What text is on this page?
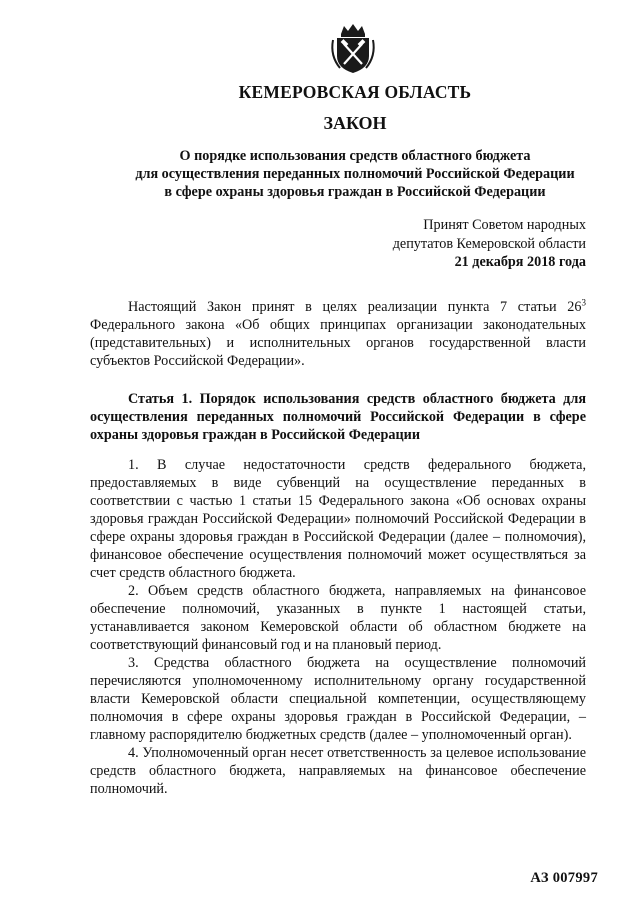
КЕМЕРОВСКАЯ ОБЛАСТЬ
ЗАКОН
О порядке использования средств областного бюджета
для осуществления переданных полномочий Российской Федерации
в сфере охраны здоровья граждан в Российской Федерации
Принят Советом народных
депутатов Кемеровской области
21 декабря 2018 года

Настоящий Закон принят в целях реализации пункта 7 статьи $26^3$ Федерального закона «Об общих принципах организации законодательных (представительных) и исполнительных органов государственной власти субъектов Российской Федерации».

Статья 1. Порядок использования средств областного бюджета для осуществления переданных полномочий Российской Федерации в сфере охраны здоровья граждан в Российской Федерации

1. В случае недостаточности средств федерального бюджета, предоставляемых в виде субвенций на осуществление переданных в соответствии с частью 1 статьи 15 Федерального закона «Об основах охраны здоровья граждан Российской Федерации» полномочий Российской Федерации в сфере охраны здоровья граждан в Российской Федерации (далее – полномочия), финансовое обеспечение осуществления полномочий может осуществляться за счет средств областного бюджета.

2. Объем средств областного бюджета, направляемых на финансовое обеспечение полномочий, указанных в пункте 1 настоящей статьи, устанавливается законом Кемеровской области об областном бюджете на соответствующий финансовый год и на плановый период.

3. Средства областного бюджета на осуществление полномочий перечисляются уполномоченному исполнительному органу государственной власти Кемеровской области специальной компетенции, осуществляющему полномочия в сфере охраны здоровья граждан в Российской Федерации, – главному распорядителю бюджетных средств (далее – уполномоченный орган).

4. Уполномоченный орган несет ответственность за целевое использование средств областного бюджета, направляемых на финансовое обеспечение полномочий.

АЗ 007997
